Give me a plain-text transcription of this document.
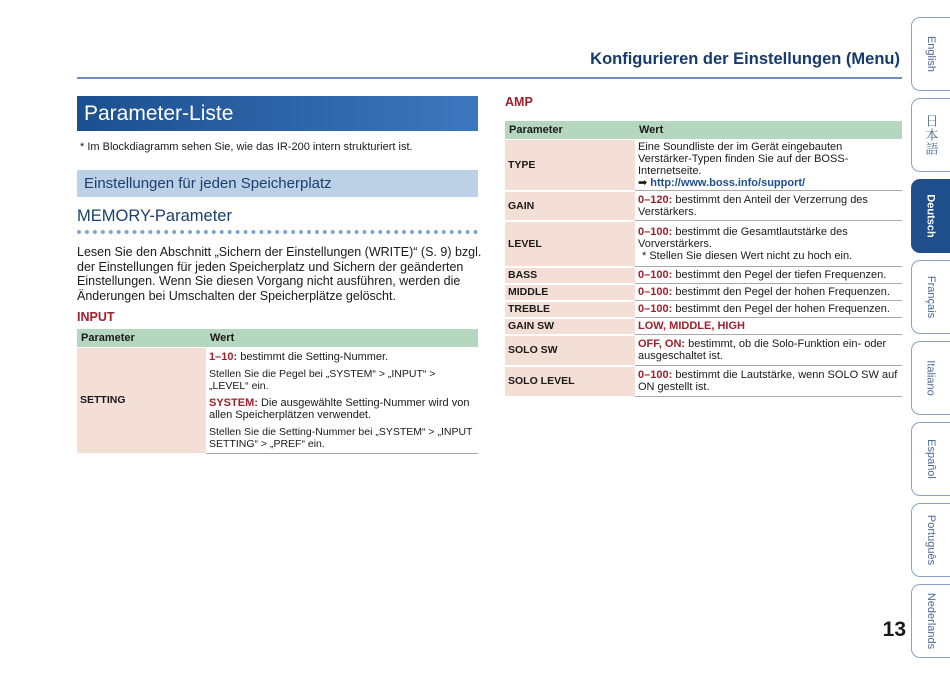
Konfigurieren der Einstellungen (Menu) English
日本語
Deutsch
Français
Italiano
Español
Português
Nederlands
13
Parameter-Liste
* Im Blockdiagramm sehen Sie, wie das IR-200 intern strukturiert ist.
Einstellungen für jeden Speicherplatz
MEMORY-Parameter
Lesen Sie den Abschnitt „Sichern der Einstellungen (WRITE)“ (S. 9) bzgl. der Einstellungen für jeden Speicherplatz und Sichern der geänderten Einstellungen. Wenn Sie diesen Vorgang nicht ausführen, werden die Änderungen bei Umschalten der Speicherplätze gelöscht.
INPUT
Parameter	Wert
SETTING	1–10: bestimmt die Setting-Nummer.
Stellen Sie die Pegel bei „SYSTEM“ > „INPUT“ > „LEVEL“ ein.
SYSTEM: Die ausgewählte Setting-Nummer wird von allen Speicherplätzen verwendet.
Stellen Sie die Setting-Nummer bei „SYSTEM“ > „INPUT SETTING“ > „PREF“ ein.
AMP
Parameter	Wert
TYPE	Eine Soundliste der im Gerät eingebauten Verstärker-Typen finden Sie auf der BOSS-Internetseite.
➡ http://www.boss.info/support/

GAIN	0–120: bestimmt den Anteil der Verzerrung des Verstärkers.
LEVEL	0–100: bestimmt die Gesamtlautstärke des Vorverstärkers.
* Stellen Sie diesen Wert nicht zu hoch ein.

BASS	0–100: bestimmt den Pegel der tiefen Frequenzen.
MIDDLE	0–100: bestimmt den Pegel der hohen Frequenzen.
TREBLE	0–100: bestimmt den Pegel der hohen Frequenzen.
GAIN SW	LOW, MIDDLE, HIGH
SOLO SW	OFF, ON: bestimmt, ob die Solo-Funktion ein- oder ausgeschaltet ist.
SOLO LEVEL	0–100: bestimmt die Lautstärke, wenn SOLO SW auf ON gestellt ist.
